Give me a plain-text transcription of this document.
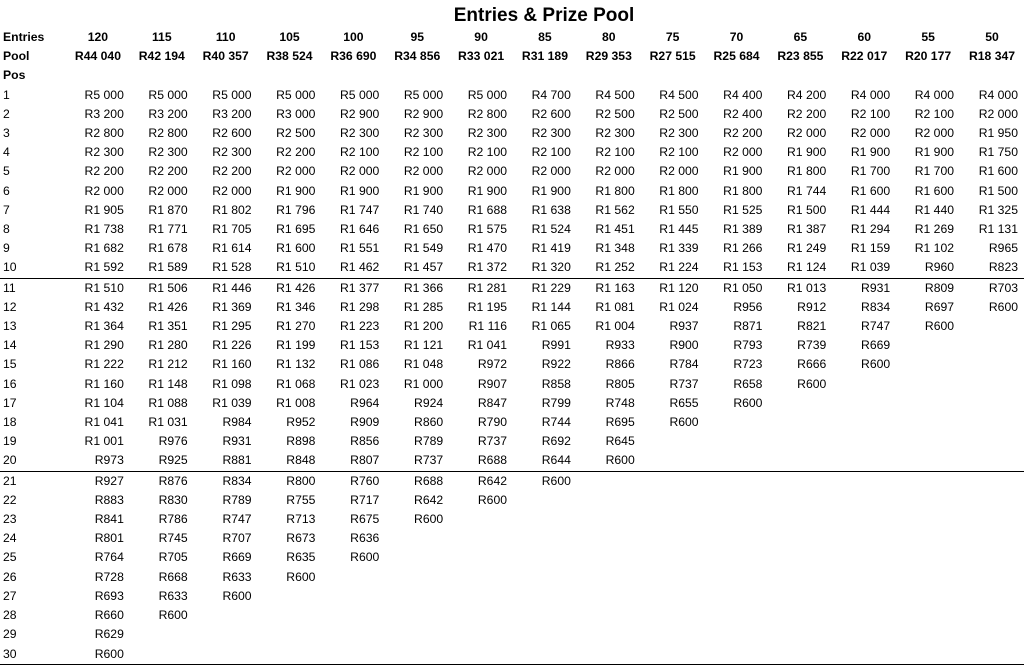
Entries & Prize Pool
Entries	120	115	110	105	100	95	90	85	80	75	70	65	60	55	50
Pool	R44 040	R42 194	R40 357	R38 524	R36 690	R34 856	R33 021	R31 189	R29 353	R27 515	R25 684	R23 855	R22 017	R20 177	R18 347
Pos															
1	R5 000	R5 000	R5 000	R5 000	R5 000	R5 000	R5 000	R4 700	R4 500	R4 500	R4 400	R4 200	R4 000	R4 000	R4 000
2	R3 200	R3 200	R3 200	R3 000	R2 900	R2 900	R2 800	R2 600	R2 500	R2 500	R2 400	R2 200	R2 100	R2 100	R2 000
3	R2 800	R2 800	R2 600	R2 500	R2 300	R2 300	R2 300	R2 300	R2 300	R2 300	R2 200	R2 000	R2 000	R2 000	R1 950
4	R2 300	R2 300	R2 300	R2 200	R2 100	R2 100	R2 100	R2 100	R2 100	R2 100	R2 000	R1 900	R1 900	R1 900	R1 750
5	R2 200	R2 200	R2 200	R2 000	R2 000	R2 000	R2 000	R2 000	R2 000	R2 000	R1 900	R1 800	R1 700	R1 700	R1 600
6	R2 000	R2 000	R2 000	R1 900	R1 900	R1 900	R1 900	R1 900	R1 800	R1 800	R1 800	R1 744	R1 600	R1 600	R1 500
7	R1 905	R1 870	R1 802	R1 796	R1 747	R1 740	R1 688	R1 638	R1 562	R1 550	R1 525	R1 500	R1 444	R1 440	R1 325
8	R1 738	R1 771	R1 705	R1 695	R1 646	R1 650	R1 575	R1 524	R1 451	R1 445	R1 389	R1 387	R1 294	R1 269	R1 131
9	R1 682	R1 678	R1 614	R1 600	R1 551	R1 549	R1 470	R1 419	R1 348	R1 339	R1 266	R1 249	R1 159	R1 102	R965
10	R1 592	R1 589	R1 528	R1 510	R1 462	R1 457	R1 372	R1 320	R1 252	R1 224	R1 153	R1 124	R1 039	R960	R823
11	R1 510	R1 506	R1 446	R1 426	R1 377	R1 366	R1 281	R1 229	R1 163	R1 120	R1 050	R1 013	R931	R809	R703
12	R1 432	R1 426	R1 369	R1 346	R1 298	R1 285	R1 195	R1 144	R1 081	R1 024	R956	R912	R834	R697	R600
13	R1 364	R1 351	R1 295	R1 270	R1 223	R1 200	R1 116	R1 065	R1 004	R937	R871	R821	R747	R600	
14	R1 290	R1 280	R1 226	R1 199	R1 153	R1 121	R1 041	R991	R933	R900	R793	R739	R669		
15	R1 222	R1 212	R1 160	R1 132	R1 086	R1 048	R972	R922	R866	R784	R723	R666	R600		
16	R1 160	R1 148	R1 098	R1 068	R1 023	R1 000	R907	R858	R805	R737	R658	R600			
17	R1 104	R1 088	R1 039	R1 008	R964	R924	R847	R799	R748	R655	R600				
18	R1 041	R1 031	R984	R952	R909	R860	R790	R744	R695	R600					
19	R1 001	R976	R931	R898	R856	R789	R737	R692	R645						
20	R973	R925	R881	R848	R807	R737	R688	R644	R600						
21	R927	R876	R834	R800	R760	R688	R642	R600							
22	R883	R830	R789	R755	R717	R642	R600								
23	R841	R786	R747	R713	R675	R600									
24	R801	R745	R707	R673	R636										
25	R764	R705	R669	R635	R600										
26	R728	R668	R633	R600											
27	R693	R633	R600												
28	R660	R600													
29	R629														
30	R600														
